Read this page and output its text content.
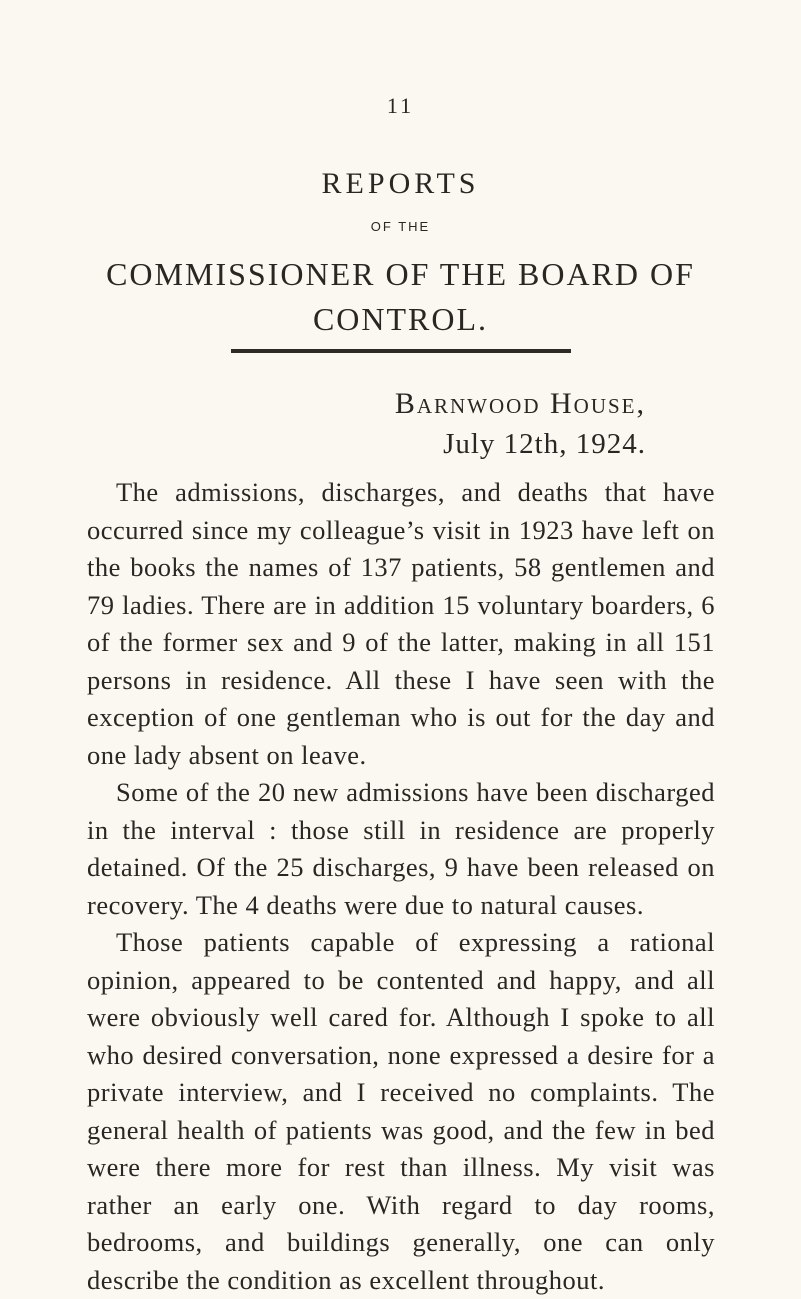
11
REPORTS
OF THE
COMMISSIONER OF THE BOARD OF
CONTROL.
Barnwood House,
July 12th, 1924.

The admissions, discharges, and deaths that have occurred since my colleague’s visit in 1923 have left on the books the names of 137 patients, 58 gentlemen and 79 ladies. There are in addition 15 voluntary boarders, 6 of the former sex and 9 of the latter, making in all 151 persons in residence. All these I have seen with the exception of one gentleman who is out for the day and one lady absent on leave.

Some of the 20 new admissions have been discharged in the interval : those still in residence are properly detained. Of the 25 discharges, 9 have been released on recovery. The 4 deaths were due to natural causes.

Those patients capable of expressing a rational opinion, appeared to be contented and happy, and all were obviously well cared for. Although I spoke to all who desired conversation, none expressed a desire for a private interview, and I received no complaints. The general health of patients was good, and the few in bed were there more for rest than illness. My visit was rather an early one. With regard to day rooms, bedrooms, and buildings generally, one can only describe the condition as excellent throughout.
